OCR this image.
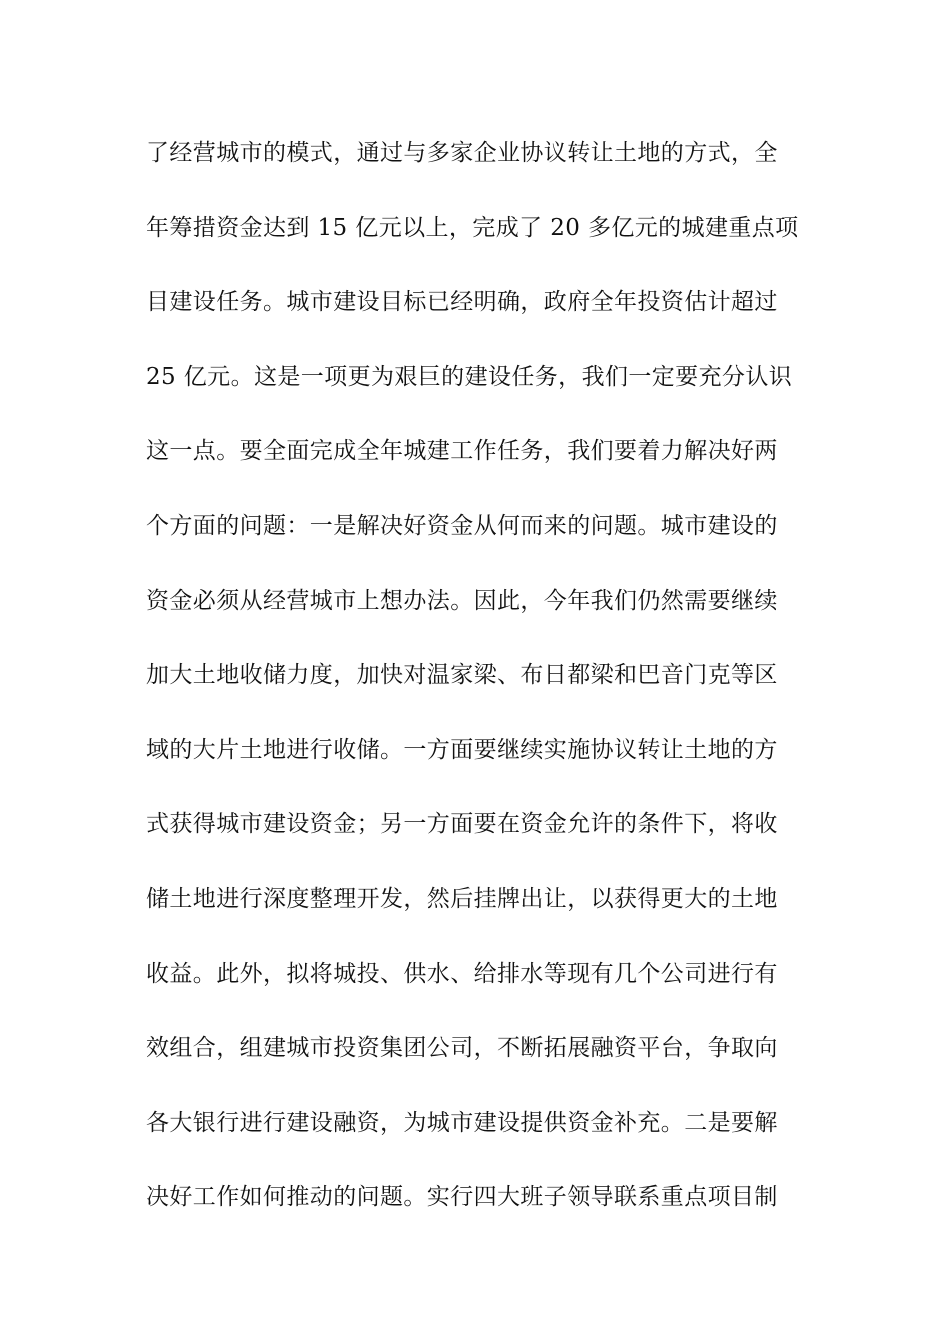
了经营城市的模式，通过与多家企业协议转让土地的方式，全
年筹措资金达到 15 亿元以上，完成了 20 多亿元的城建重点项
目建设任务。城市建设目标已经明确，政府全年投资估计超过
25 亿元。这是一项更为艰巨的建设任务，我们一定要充分认识
这一点。要全面完成全年城建工作任务，我们要着力解决好两
个方面的问题：一是解决好资金从何而来的问题。城市建设的
资金必须从经营城市上想办法。因此，今年我们仍然需要继续
加大土地收储力度，加快对温家梁、布日都梁和巴音门克等区
域的大片土地进行收储。一方面要继续实施协议转让土地的方
式获得城市建设资金；另一方面要在资金允许的条件下，将收
储土地进行深度整理开发，然后挂牌出让，以获得更大的土地
收益。此外，拟将城投、供水、给排水等现有几个公司进行有
效组合，组建城市投资集团公司，不断拓展融资平台，争取向
各大银行进行建设融资，为城市建设提供资金补充。二是要解
决好工作如何推动的问题。实行四大班子领导联系重点项目制
